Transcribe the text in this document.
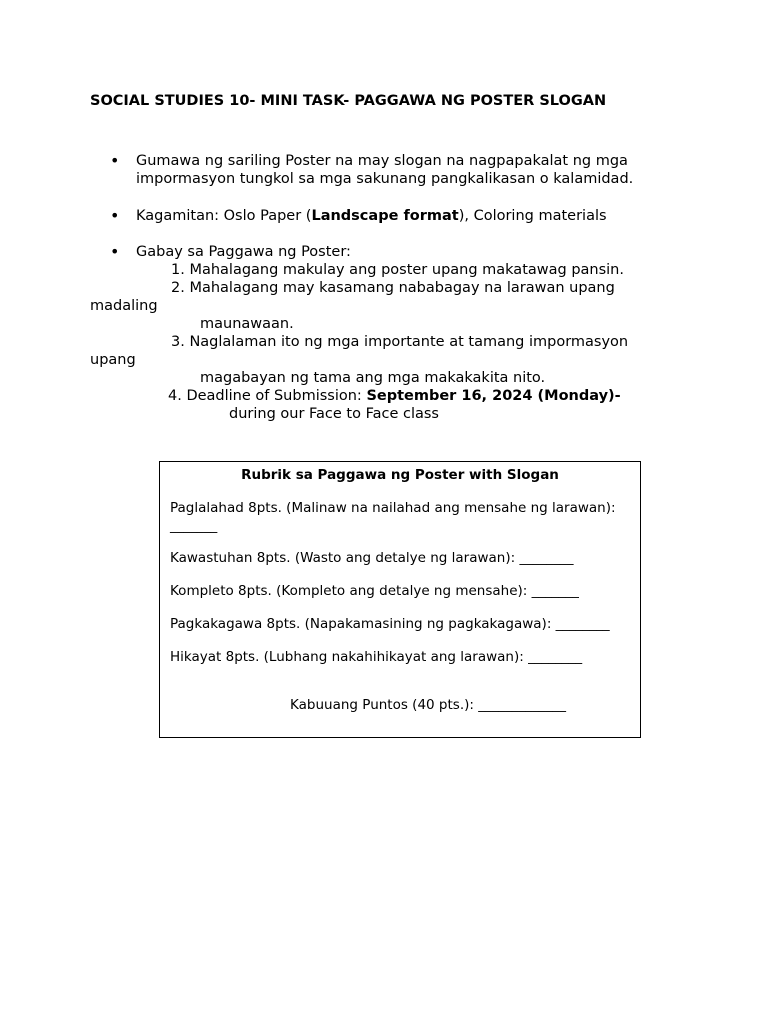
SOCIAL STUDIES 10- MINI TASK- PAGGAWA NG POSTER SLOGAN
• Gumawa ng sariling Poster na may slogan na nagpapakalat ng mga
impormasyon tungkol sa mga sakunang pangkalikasan o kalamidad.
• Kagamitan: Oslo Paper (Landscape format), Coloring materials
• Gabay sa Paggawa ng Poster:
1. Mahalagang makulay ang poster upang makatawag pansin.
2. Mahalagang may kasamang nababagay na larawan upang
madaling
maunawaan.
3. Naglalaman ito ng mga importante at tamang impormasyon
upang
magabayan ng tama ang mga makakakita nito.
4. Deadline of Submission: September 16, 2024 (Monday)-
during our Face to Face class
Rubrik sa Paggawa ng Poster with Slogan
Paglalahad 8pts. (Malinaw na nailahad ang mensahe ng larawan):
_______
Kawastuhan 8pts. (Wasto ang detalye ng larawan): ________
Kompleto 8pts. (Kompleto ang detalye ng mensahe): _______
Pagkakagawa 8pts. (Napakamasining ng pagkakagawa): ________
Hikayat 8pts. (Lubhang nakahihikayat ang larawan): ________
Kabuuang Puntos (40 pts.): _____________
